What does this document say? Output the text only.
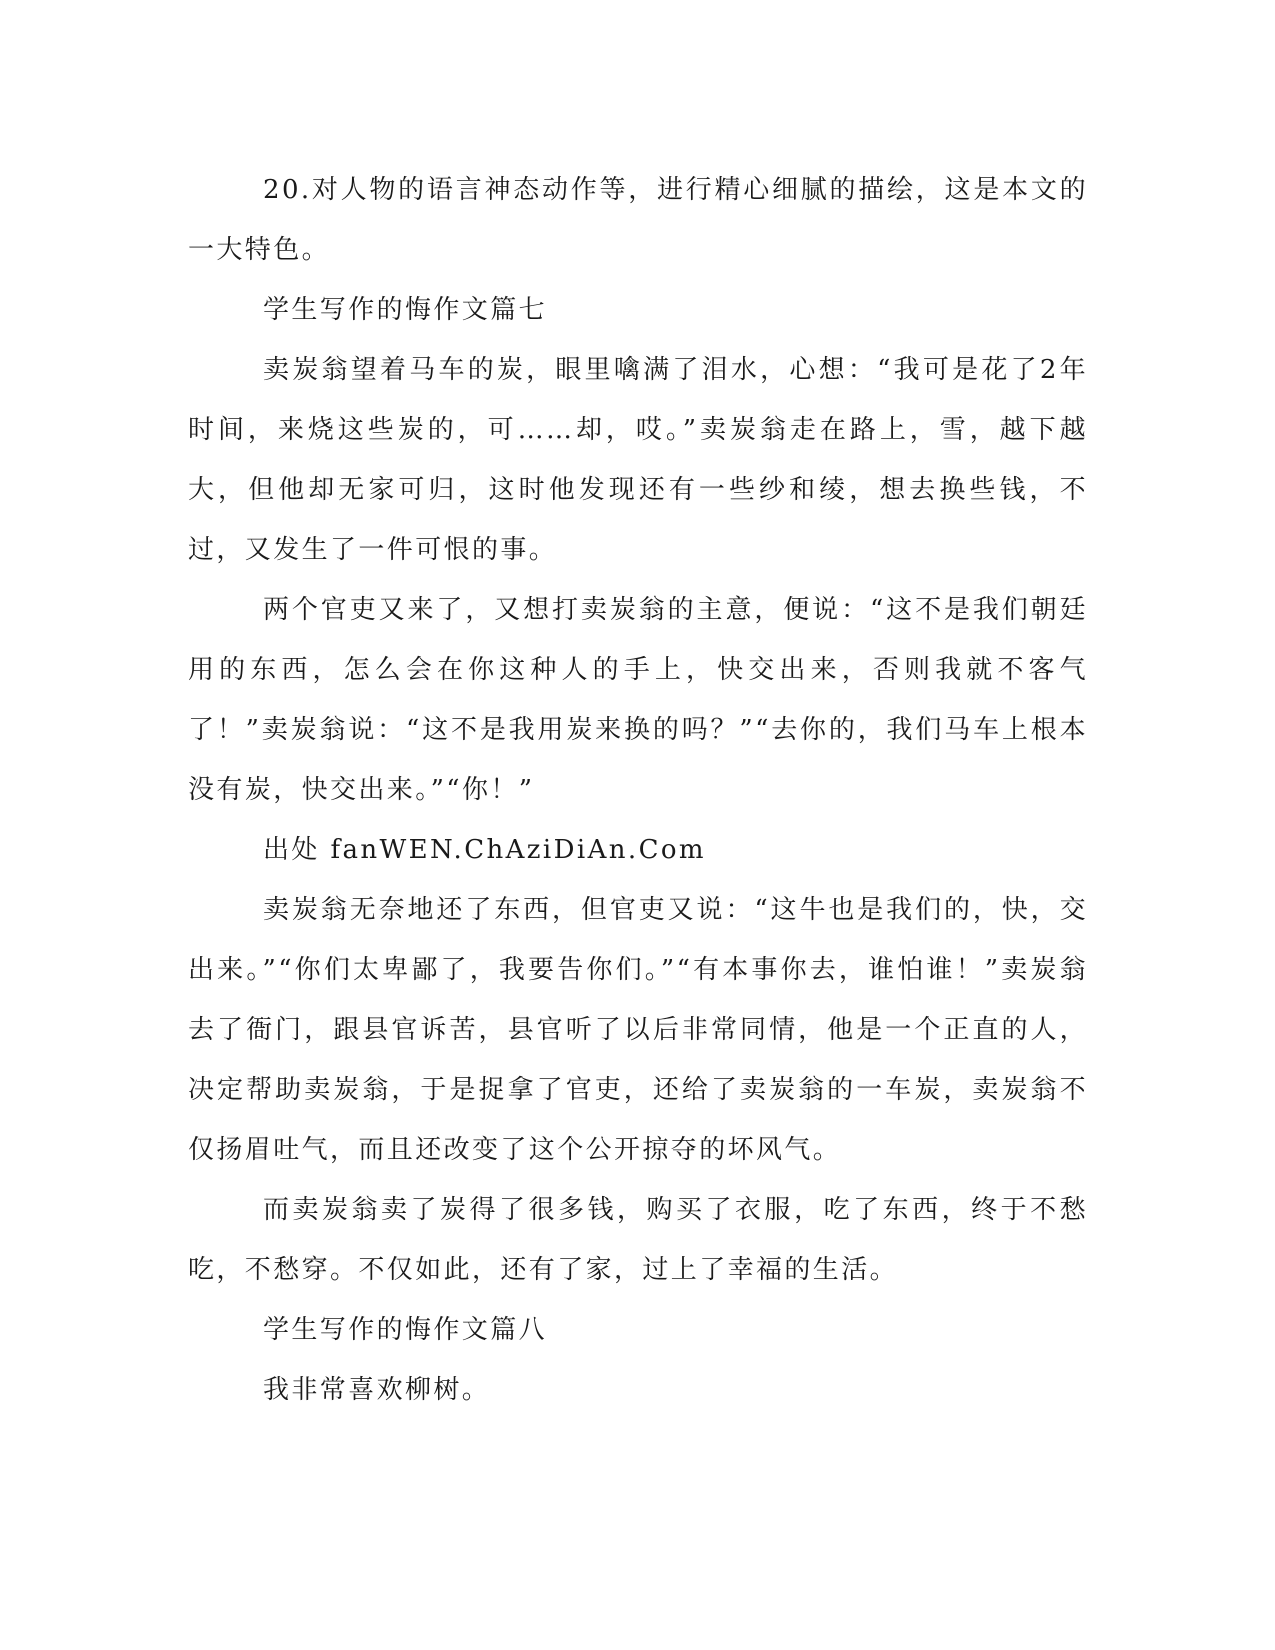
20.对人物的语言神态动作等，进行精心细腻的描绘，这是本文的一大特色。

学生写作的悔作文篇七

卖炭翁望着马车的炭，眼里噙满了泪水，心想：“我可是花了2年时间，来烧这些炭的，可……却，哎。”卖炭翁走在路上，雪，越下越大，但他却无家可归，这时他发现还有一些纱和绫，想去换些钱，不过，又发生了一件可恨的事。

两个官吏又来了，又想打卖炭翁的主意，便说：“这不是我们朝廷用的东西，怎么会在你这种人的手上，快交出来，否则我就不客气了！”卖炭翁说：“这不是我用炭来换的吗？”“去你的，我们马车上根本没有炭，快交出来。”“你！”

出处 fanWEN.ChAziDiAn.Com

卖炭翁无奈地还了东西，但官吏又说：“这牛也是我们的，快，交出来。”“你们太卑鄙了，我要告你们。”“有本事你去，谁怕谁！”卖炭翁去了衙门，跟县官诉苦，县官听了以后非常同情，他是一个正直的人，决定帮助卖炭翁，于是捉拿了官吏，还给了卖炭翁的一车炭，卖炭翁不仅扬眉吐气，而且还改变了这个公开掠夺的坏风气。

而卖炭翁卖了炭得了很多钱，购买了衣服，吃了东西，终于不愁吃，不愁穿。不仅如此，还有了家，过上了幸福的生活。

学生写作的悔作文篇八

我非常喜欢柳树。
